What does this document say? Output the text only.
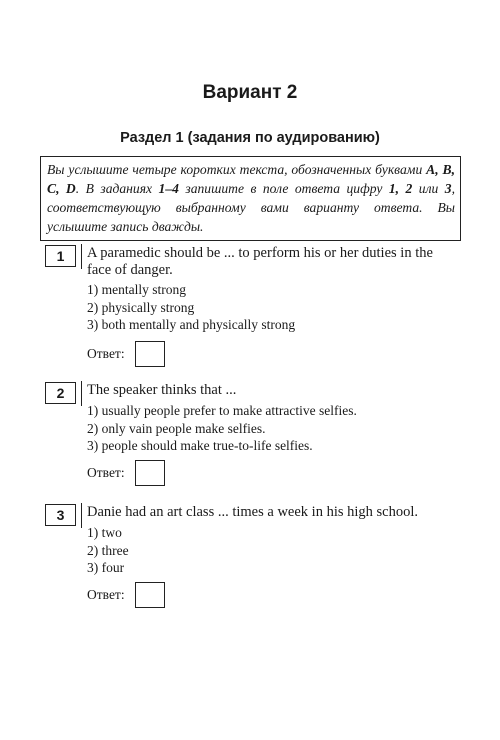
Вариант 2
Раздел 1 (задания по аудированию)
Вы услышите четыре коротких текста, обозначенных буквами A, B, C, D. В заданиях 1–4 запишите в поле ответа цифру 1, 2 или 3, соответствующую выбранному вами варианту ответа. Вы услышите запись дважды.
1	A paramedic should be ... to perform his or her duties in the face of danger.
1) mentally strong
2) physically strong
3) both mentally and physically strong
Ответ:
2	The speaker thinks that ...
1) usually people prefer to make attractive selfies.
2) only vain people make selfies.
3) people should make true-to-life selfies.
Ответ:
3	Danie had an art class ... times a week in his high school.
1) two
2) three
3) four
Ответ:
